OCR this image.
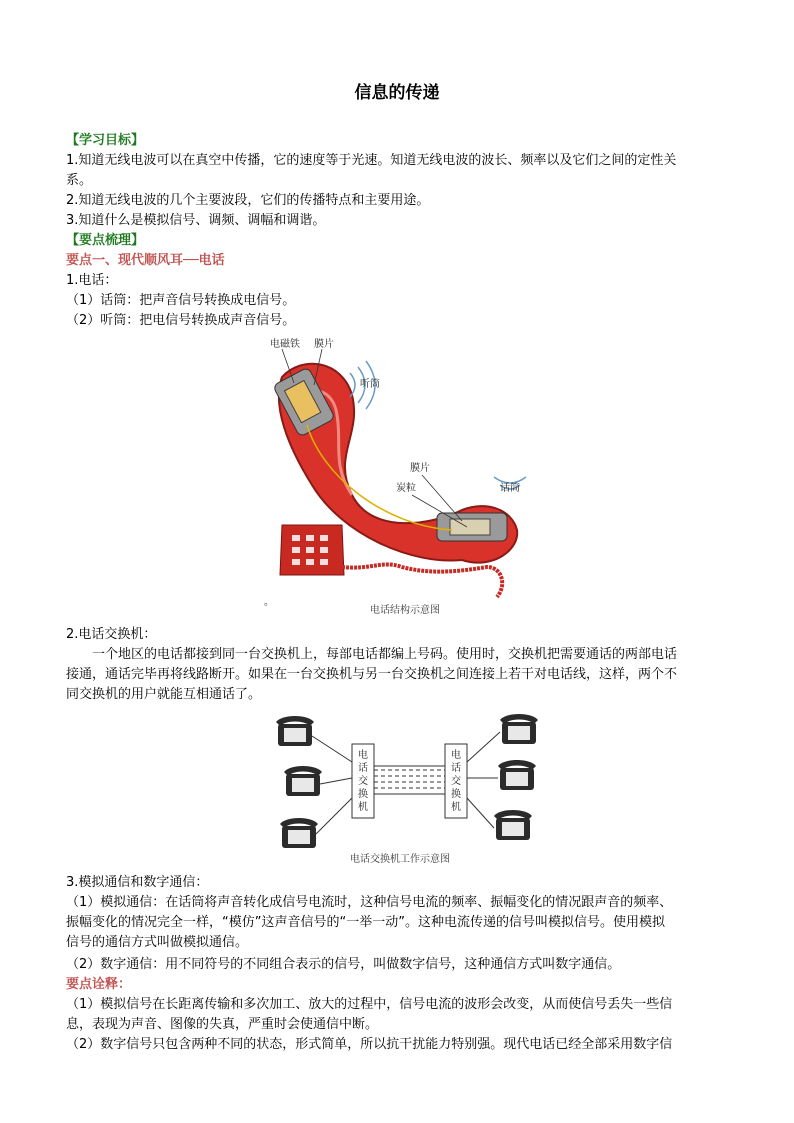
信息的传递
【学习目标】
1.知道无线电波可以在真空中传播，它的速度等于光速。知道无线电波的波长、频率以及它们之间的定性关
系。
2.知道无线电波的几个主要波段，它们的传播特点和主要用途。
3.知道什么是模拟信号、调频、调幅和调谐。
【要点梳理】
要点一、现代顺风耳──电话
1.电话：
（1）话筒：把声音信号转换成电信号。
（2）听筒：把电信号转换成声音信号。
电磁铁 膜片
听筒
膜片
炭粒	话筒
。
电话结构示意图
2.电话交换机：
一个地区的电话都接到同一台交换机上，每部电话都编上号码。使用时，交换机把需要通话的两部电话
接通，通话完毕再将线路断开。如果在一台交换机与另一台交换机之间连接上若干对电话线，这样，两个不
同交换机的用户就能互相通话了。
电
话
交
换
机
电
话
交
换
机
电话交换机工作示意图
3.模拟通信和数字通信：
（1）模拟通信：在话筒将声音转化成信号电流时，这种信号电流的频率、振幅变化的情况跟声音的频率、
振幅变化的情况完全一样，“模仿”这声音信号的“一举一动”。这种电流传递的信号叫模拟信号。使用模拟
信号的通信方式叫做模拟通信。
（2）数字通信：用不同符号的不同组合表示的信号，叫做数字信号，这种通信方式叫数字通信。
要点诠释：
（1）模拟信号在长距离传输和多次加工、放大的过程中，信号电流的波形会改变，从而使信号丢失一些信
息，表现为声音、图像的失真，严重时会使通信中断。
（2）数字信号只包含两种不同的状态，形式简单，所以抗干扰能力特别强。现代电话已经全部采用数字信
